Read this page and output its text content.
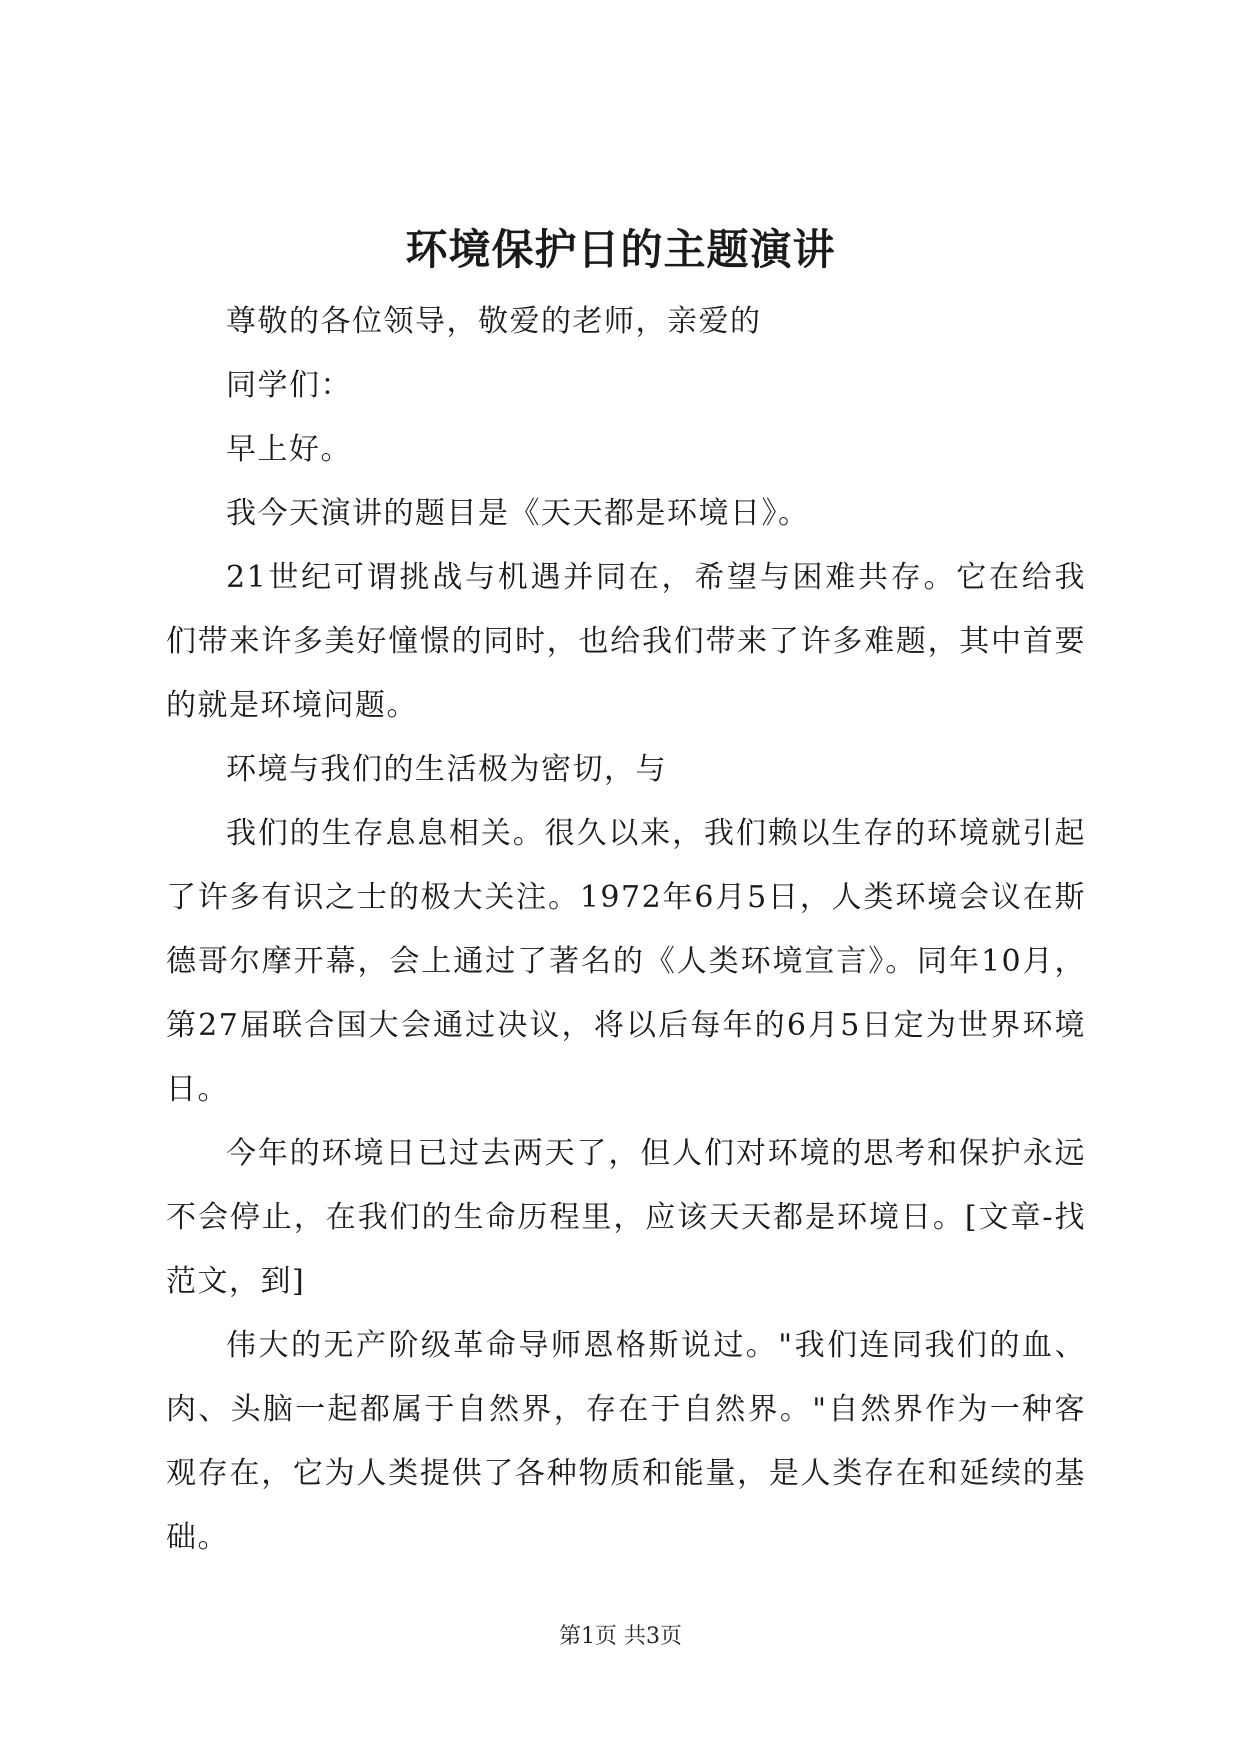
环境保护日的主题演讲

尊敬的各位领导，敬爱的老师，亲爱的

同学们：

早上好。

我今天演讲的题目是《天天都是环境日》。

21世纪可谓挑战与机遇并同在，希望与困难共存。它在给我们带来许多美好憧憬的同时，也给我们带来了许多难题，其中首要的就是环境问题。

环境与我们的生活极为密切，与

我们的生存息息相关。很久以来，我们赖以生存的环境就引起了许多有识之士的极大关注。1972年6月5日，人类环境会议在斯德哥尔摩开幕，会上通过了著名的《人类环境宣言》。同年10月，第27届联合国大会通过决议，将以后每年的6月5日定为世界环境日。

今年的环境日已过去两天了，但人们对环境的思考和保护永远不会停止，在我们的生命历程里，应该天天都是环境日。[文章-找范文，到]

伟大的无产阶级革命导师恩格斯说过。"我们连同我们的血、肉、头脑一起都属于自然界，存在于自然界。"自然界作为一种客观存在，它为人类提供了各种物质和能量，是人类存在和延续的基础。

第1页 共3页
